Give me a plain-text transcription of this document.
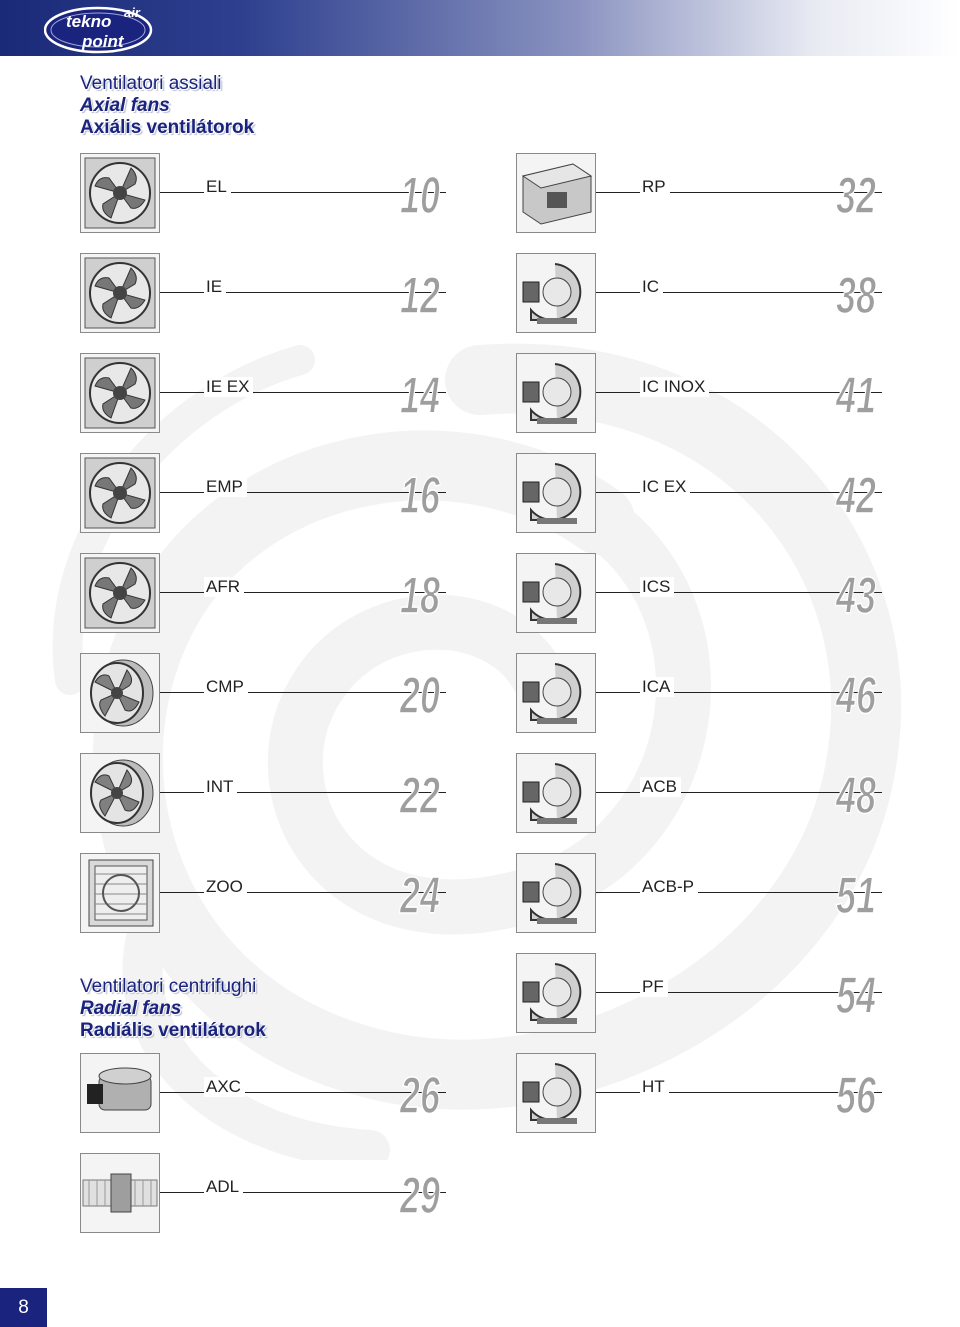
tekno
point
air
Ventilatori assiali
Axial fans
Axiális ventilátorok
Ventilatori centrifughi
Radial fans
Radiális ventilátorok
EL	10
IE	12
IE EX	14
EMP	16
AFR	18
CMP	20
INT	22
ZOO	24
AXC	26
ADL	29
RP	32
IC	38
IC INOX	41
IC EX	42
ICS	43
ICA	46
ACB	48
ACB-P	51
PF	54
HT	56
8
